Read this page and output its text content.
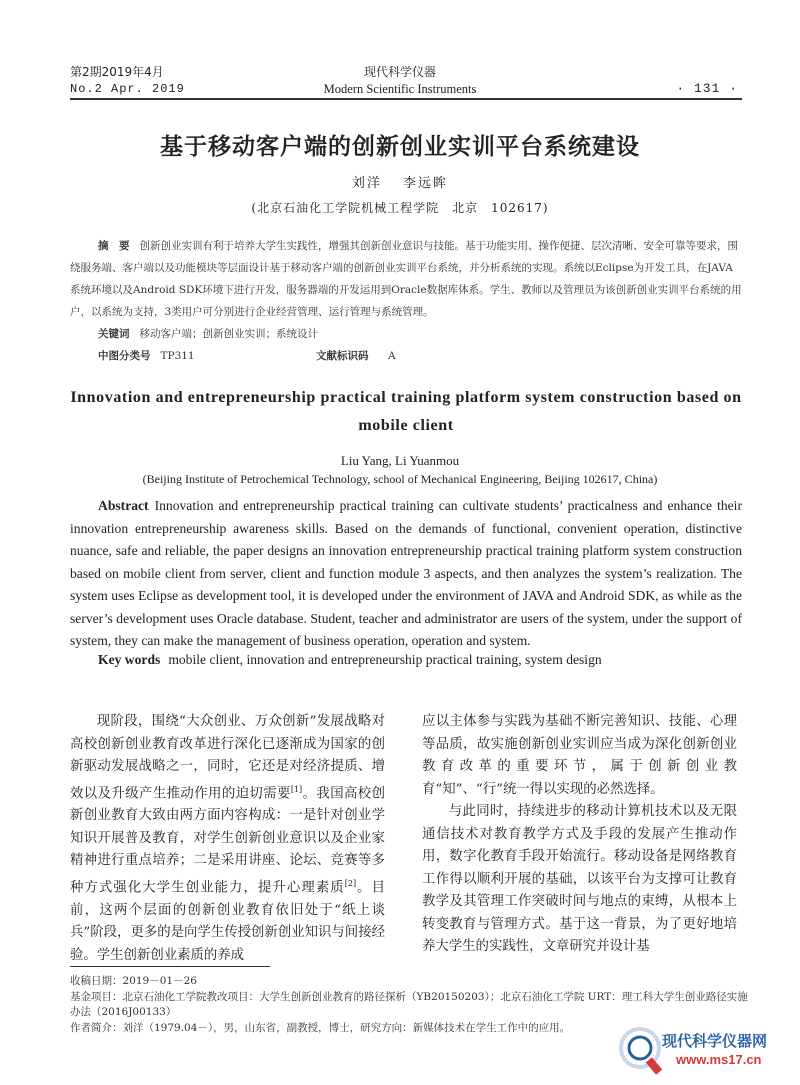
第2期2019年4月
No.2 Apr. 2019
现代科学仪器
Modern Scientific Instruments	· 131 ·
基于移动客户端的创新创业实训平台系统建设
刘洋　 李远眸
(北京石油化工学院机械工程学院　北京　102617)
摘　要 创新创业实训有利于培养大学生实践性，增强其创新创业意识与技能。基于功能实用、操作便捷、层次清晰、安全可靠等要求，围绕服务端、客户端以及功能模块等层面设计基于移动客户端的创新创业实训平台系统，并分析系统的实现。系统以Eclipse为开发工具，在JAVA系统环境以及Android SDK环境下进行开发，服务器端的开发运用到Oracle数据库体系。学生、教师以及管理员为该创新创业实训平台系统的用户，以系统为支持，3类用户可分别进行企业经营管理、运行管理与系统管理。
关键词 移动客户端；创新创业实训；系统设计
中图分类号 TP311	文献标识码 A
Innovation and entrepreneurship practical training platform system construction based on mobile client
Liu Yang, Li Yuanmou
(Beijing Institute of Petrochemical Technology, school of Mechanical Engineering, Beijing 102617, China)
Abstract Innovation and entrepreneurship practical training can cultivate students’ practicalness and enhance their innovation entrepreneurship awareness skills. Based on the demands of functional, convenient operation, distinctive nuance, safe and reliable, the paper designs an innovation entrepreneurship practical training platform system construction based on mobile client from server, client and function module 3 aspects, and then analyzes the system’s realization. The system uses Eclipse as development tool, it is developed under the environment of JAVA and Android SDK, as while as the server’s development uses Oracle database. Student, teacher and administrator are users of the system, under the support of system, they can make the management of business operation, operation and system.
Key words mobile client, innovation and entrepreneurship practical training, system design

现阶段，围绕“大众创业、万众创新”发展战略对高校创新创业教育改革进行深化已逐渐成为国家的创新驱动发展战略之一，同时，它还是对经济提质、增效以及升级产生推动作用的迫切需要[1]。我国高校创新创业教育大致由两方面内容构成：一是针对创业学知识开展普及教育，对学生创新创业意识以及企业家精神进行重点培养；二是采用讲座、论坛、竞赛等多种方式强化大学生创业能力，提升心理素质[2]。目前，这两个层面的创新创业教育依旧处于“纸上谈兵”阶段，更多的是向学生传授创新创业知识与间接经验。学生创新创业素质的养成

应以主体参与实践为基础不断完善知识、技能、心理等品质，故实施创新创业实训应当成为深化创新创业教育改革的重要环节，属于创新创业教育“知”、“行”统一得以实现的必然选择。

与此同时，持续进步的移动计算机技术以及无限通信技术对教育教学方式及手段的发展产生推动作用，数字化教育手段开始流行。移动设备是网络教育工作得以顺利开展的基础，以该平台为支撑可让教育教学及其管理工作突破时间与地点的束缚，从根本上转变教育与管理方式。基于这一背景，为了更好地培养大学生的实践性，文章研究并设计基

收稿日期：2019－01－26
基金项目：北京石油化工学院教改项目：大学生创新创业教育的路径探析（YB20150203）；北京石油化工学院 URT：理工科大学生创业路径实施办法（2016J00133）
作者简介：刘洋（1979.04－），男，山东省，副教授，博士，研究方向：新媒体技术在学生工作中的应用。
现代科学仪器网
www.ms17.cn
